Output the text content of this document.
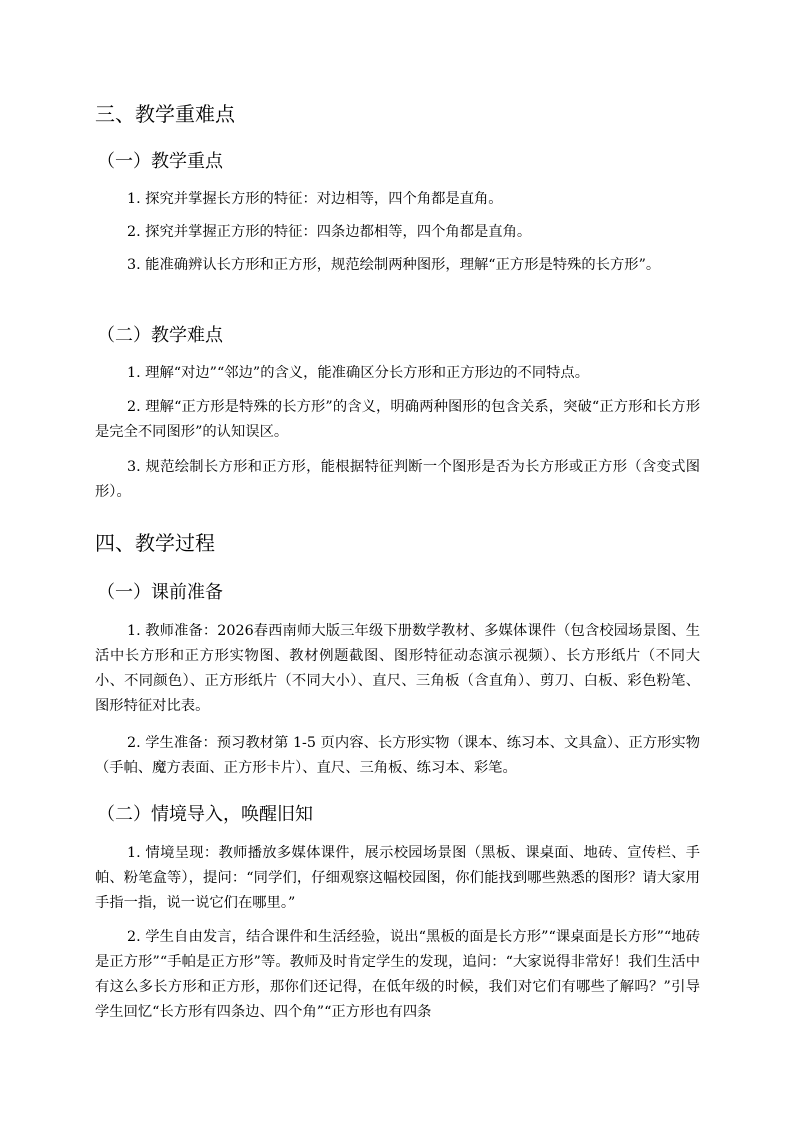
三、教学重难点
（一）教学重点

1. 探究并掌握长方形的特征：对边相等，四个角都是直角。

2. 探究并掌握正方形的特征：四条边都相等，四个角都是直角。

3. 能准确辨认长方形和正方形，规范绘制两种图形，理解“正方形是特殊的长方形”。

（二）教学难点

1. 理解“对边”“邻边”的含义，能准确区分长方形和正方形边的不同特点。

2. 理解“正方形是特殊的长方形”的含义，明确两种图形的包含关系，突破“正方形和长方形是完全不同图形”的认知误区。

3. 规范绘制长方形和正方形，能根据特征判断一个图形是否为长方形或正方形（含变式图形）。

四、教学过程
（一）课前准备

1. 教师准备：2026春西南师大版三年级下册数学教材、多媒体课件（包含校园场景图、生活中长方形和正方形实物图、教材例题截图、图形特征动态演示视频）、长方形纸片（不同大小、不同颜色）、正方形纸片（不同大小）、直尺、三角板（含直角）、剪刀、白板、彩色粉笔、图形特征对比表。

2. 学生准备：预习教材第 1-5 页内容、长方形实物（课本、练习本、文具盒）、正方形实物（手帕、魔方表面、正方形卡片）、直尺、三角板、练习本、彩笔。

（二）情境导入，唤醒旧知

1. 情境呈现：教师播放多媒体课件，展示校园场景图（黑板、课桌面、地砖、宣传栏、手帕、粉笔盒等），提问：“同学们，仔细观察这幅校园图，你们能找到哪些熟悉的图形？请大家用手指一指，说一说它们在哪里。”

2. 学生自由发言，结合课件和生活经验，说出“黑板的面是长方形”“课桌面是长方形”“地砖是正方形”“手帕是正方形”等。教师及时肯定学生的发现，追问：“大家说得非常好！我们生活中有这么多长方形和正方形，那你们还记得，在低年级的时候，我们对它们有哪些了解吗？”引导学生回忆“长方形有四条边、四个角”“正方形也有四条
